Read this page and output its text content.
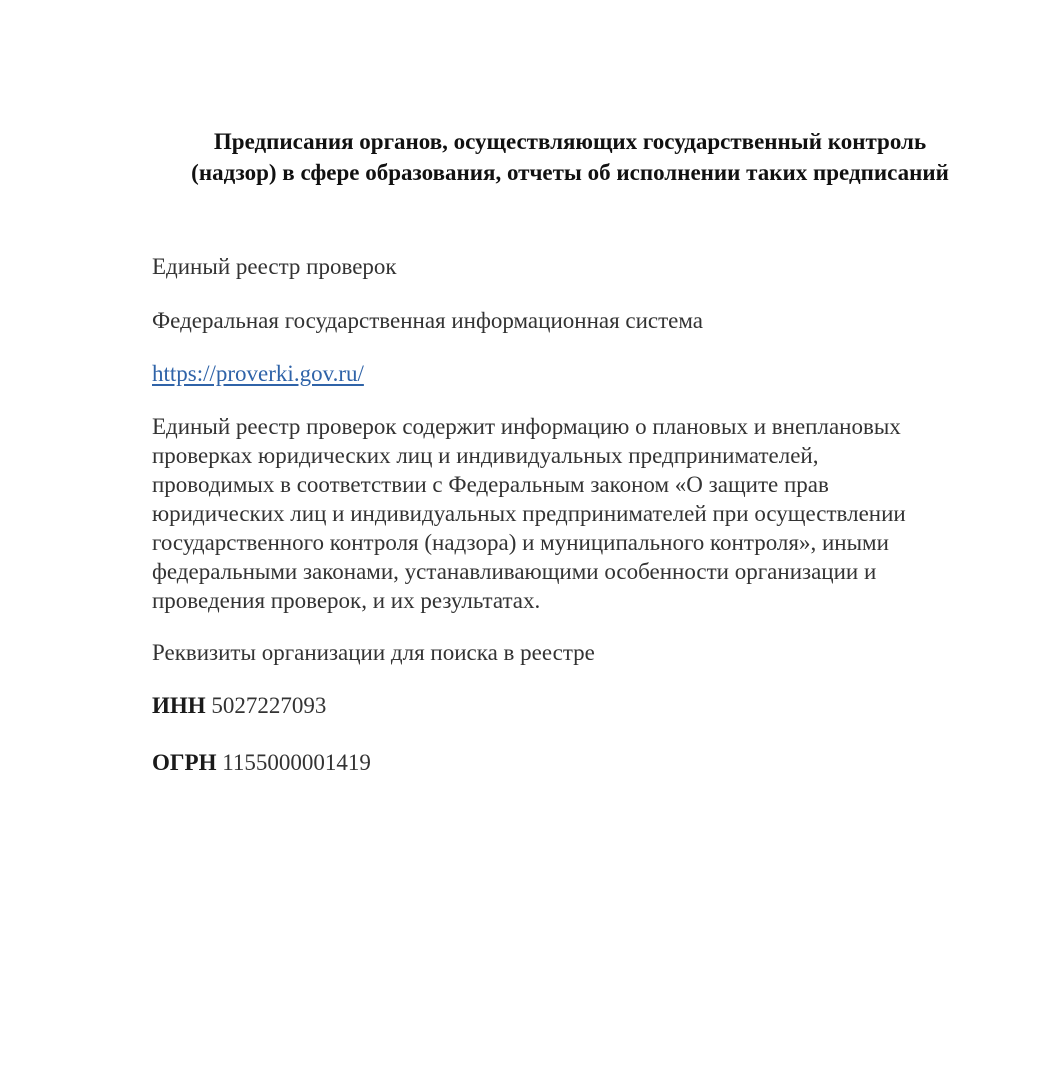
Предписания органов, осуществляющих государственный контроль
(надзор) в сфере образования, отчеты об исполнении таких предписаний

Единый реестр проверок

Федеральная государственная информационная система

https://proverki.gov.ru/

Единый реестр проверок содержит информацию о плановых и внеплановых
проверках юридических лиц и индивидуальных предпринимателей,
проводимых в соответствии с Федеральным законом «О защите прав
юридических лиц и индивидуальных предпринимателей при осуществлении
государственного контроля (надзора) и муниципального контроля», иными
федеральными законами, устанавливающими особенности организации и
проведения проверок, и их результатах.

Реквизиты организации для поиска в реестре

ИНН 5027227093

ОГРН 1155000001419
